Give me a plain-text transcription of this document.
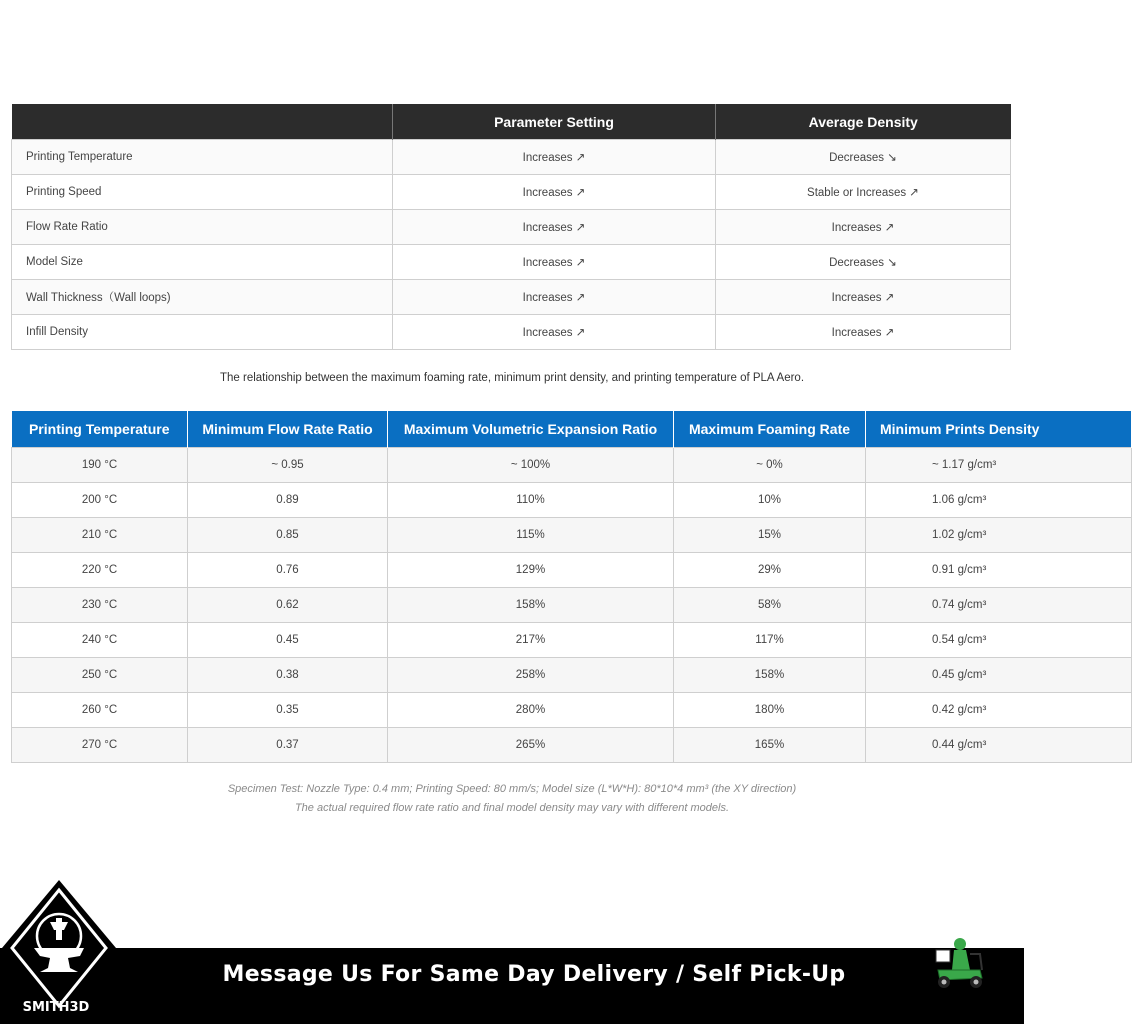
	Parameter Setting	Average Density
Printing Temperature	Increases ↗	Decreases ↘
Printing Speed	Increases ↗	Stable or Increases ↗
Flow Rate Ratio	Increases ↗	Increases ↗
Model Size	Increases ↗	Decreases ↘
Wall Thickness（Wall loops)	Increases ↗	Increases ↗
Infill Density	Increases ↗	Increases ↗
The relationship between the maximum foaming rate, minimum print density, and printing temperature of PLA Aero.
Printing Temperature	Minimum Flow Rate Ratio	Maximum Volumetric Expansion Ratio	Maximum Foaming Rate	Minimum Prints Density
190 °C	~ 0.95	~ 100%	~ 0%	~ 1.17 g/cm³
200 °C	0.89	110%	10%	1.06 g/cm³
210 °C	0.85	115%	15%	1.02 g/cm³
220 °C	0.76	129%	29%	0.91 g/cm³
230 °C	0.62	158%	58%	0.74 g/cm³
240 °C	0.45	217%	117%	0.54 g/cm³
250 °C	0.38	258%	158%	0.45 g/cm³
260 °C	0.35	280%	180%	0.42 g/cm³
270 °C	0.37	265%	165%	0.44 g/cm³
Specimen Test: Nozzle Type: 0.4 mm; Printing Speed: 80 mm/s; Model size (L*W*H): 80*10*4 mm³ (the XY direction)
The actual required flow rate ratio and final model density may vary with different models.
Message Us For Same Day Delivery / Self Pick-Up
SMITH3D
